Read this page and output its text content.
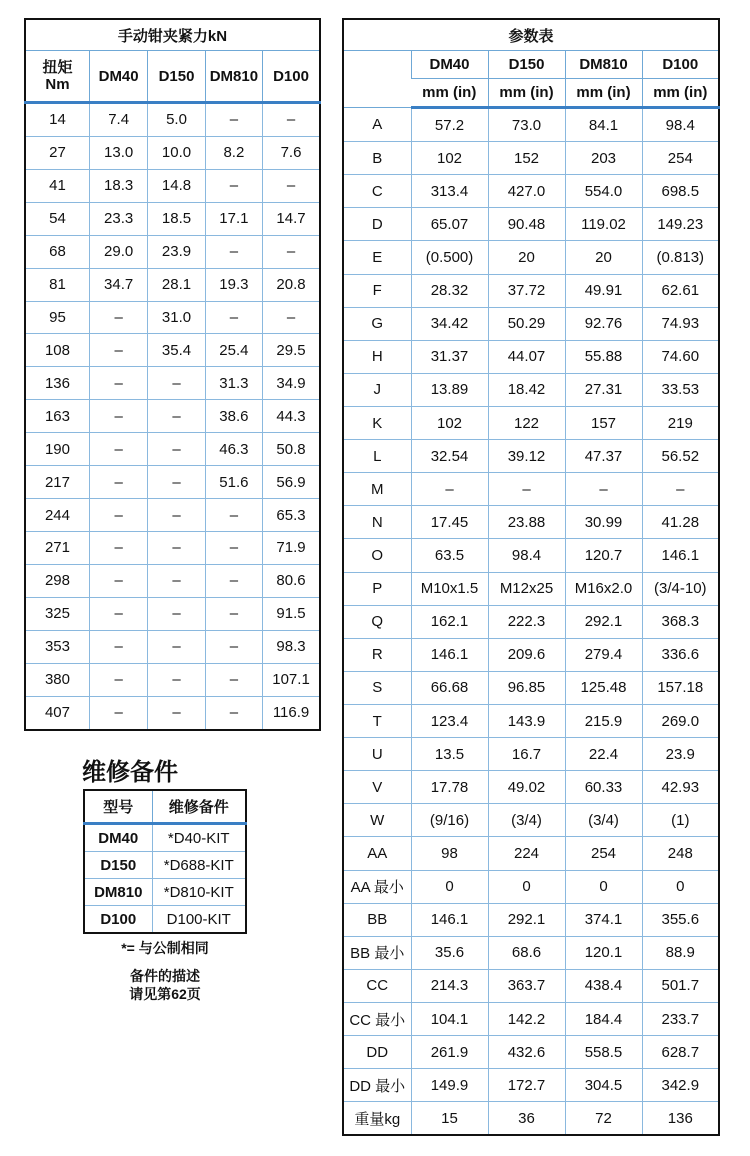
手动钳夹紧力kN				
扭矩
Nm	DM40	D150	DM810	D100
14	7.4	5.0	–	–
27	13.0	10.0	8.2	7.6
41	18.3	14.8	–	–
54	23.3	18.5	17.1	14.7
68	29.0	23.9	–	–
81	34.7	28.1	19.3	20.8
95	–	31.0	–	–
108	–	35.4	25.4	29.5
136	–	–	31.3	34.9
163	–	–	38.6	44.3
190	–	–	46.3	50.8
217	–	–	51.6	56.9
244	–	–	–	65.3
271	–	–	–	71.9
298	–	–	–	80.6
325	–	–	–	91.5
353	–	–	–	98.3
380	–	–	–	107.1
407	–	–	–	116.9
参数表				
	DM40	D150	DM810	D100
	mm (in)	mm (in)	mm (in)	mm (in)
A	57.2	73.0	84.1	98.4
B	102	152	203	254
C	313.4	427.0	554.0	698.5
D	65.07	90.48	119.02	149.23
E	(0.500)	20	20	(0.813)
F	28.32	37.72	49.91	62.61
G	34.42	50.29	92.76	74.93
H	31.37	44.07	55.88	74.60
J	13.89	18.42	27.31	33.53
K	102	122	157	219
L	32.54	39.12	47.37	56.52
M	–	–	–	–
N	17.45	23.88	30.99	41.28
O	63.5	98.4	120.7	146.1
P	M10x1.5	M12x25	M16x2.0	(3/4-10)
Q	162.1	222.3	292.1	368.3
R	146.1	209.6	279.4	336.6
S	66.68	96.85	125.48	157.18
T	123.4	143.9	215.9	269.0
U	13.5	16.7	22.4	23.9
V	17.78	49.02	60.33	42.93
W	(9/16)	(3/4)	(3/4)	(1)
AA	98	224	254	248
AA 最小	0	0	0	0
BB	146.1	292.1	374.1	355.6
BB 最小	35.6	68.6	120.1	88.9
CC	214.3	363.7	438.4	501.7
CC 最小	104.1	142.2	184.4	233.7
DD	261.9	432.6	558.5	628.7
DD 最小	149.9	172.7	304.5	342.9
重量kg	15	36	72	136
维修备件
型号	维修备件
DM40	*D40-KIT
D150	*D688-KIT
DM810	*D810-KIT
D100	D100-KIT
*= 与公制相同
备件的描述
请见第62页
